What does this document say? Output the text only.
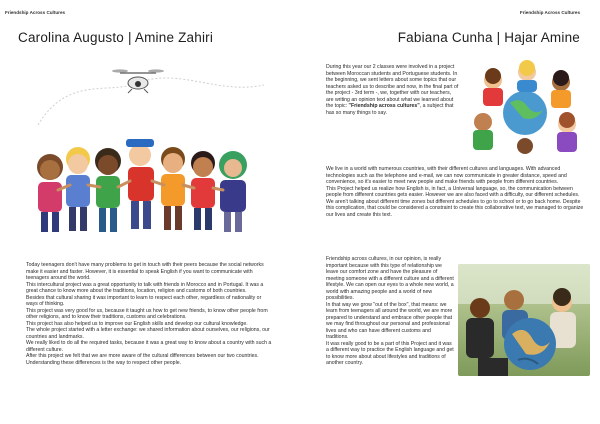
Friendship Across Cultures
Carolina Augusto | Amine Zahiri

Today teenagers don't have many problems to get in touch with their peers because the social networks make it easier and faster. However, it is essential to speak English if you want to communicate with teenagers around the world.

This intercultural project was a great opportunity to talk with friends in Morocco and in Portugal. It was a great chance to know more about the traditions, location, religion and customs of both countries.

Besides that cultural sharing it was important to learn to respect each other, regardless of nationality or ways of thinking.

This project was very good for us, because it taught us how to get new friends, to know other people from other religions, and to know their traditions, customs and celebrations.

This project has also helped us to improve our English skills and develop our cultural knowledge.

The whole project started with a letter exchange: we shared information about ourselves, our religions, our countries and landmarks.

We really liked to do all the required tasks, because it was a great way to know about a country with such a different culture.

After this project we felt that we are more aware of the cultural differences between our two countries. Understanding these differences is the way to respect other people.

Friendship Across Cultures
Fabiana Cunha | Hajar Amine

During this year our 2 classes were involved in a project between Moroccan students and Portuguese students. In the beginning, we sent letters about some topics that our teachers asked us to describe and now, in the final part of the project - 3rd term -, we, together with our teachers, are writing an opinion text about what we learned about the topic: "Friendship across cultures", a subject that has so many things to say.

We live in a world with numerous countries, with their different cultures and languages. With advanced technologies such as the telephone and e-mail, we can now communicate in greater distance, speed and convenience, so it's easier to meet new people and make friends with people from different countries.

This Project helped us realize how English is, in fact, a Universal language, so, the communication between people from different countries gets easier. However we are also faced with a difficulty, our different schedules. We aren't talking about different time zones but different schedules to go to school or to go back home. Despite this complication, that could be considered a constraint to create this collaborative text, we managed to organize our lives and create this text.

Friendship across cultures, in our opinion, is really important because with this type of relationship we leave our comfort zone and have the pleasure of meeting someone with a different culture and a different lifestyle. We can open our eyes to a whole new world, a world with amazing people and a world of new possibilities.

In that way we grow "out of the box", that means: we learn from teenagers all around the world, we are more prepared to understand and embrace other people that we may find throughout our personal and professional lives and who can have different customs and traditions.

It was really good to be a part of this Project and it was a different way to practice the English language and get to know more about about lifestyles and traditions of another country.
